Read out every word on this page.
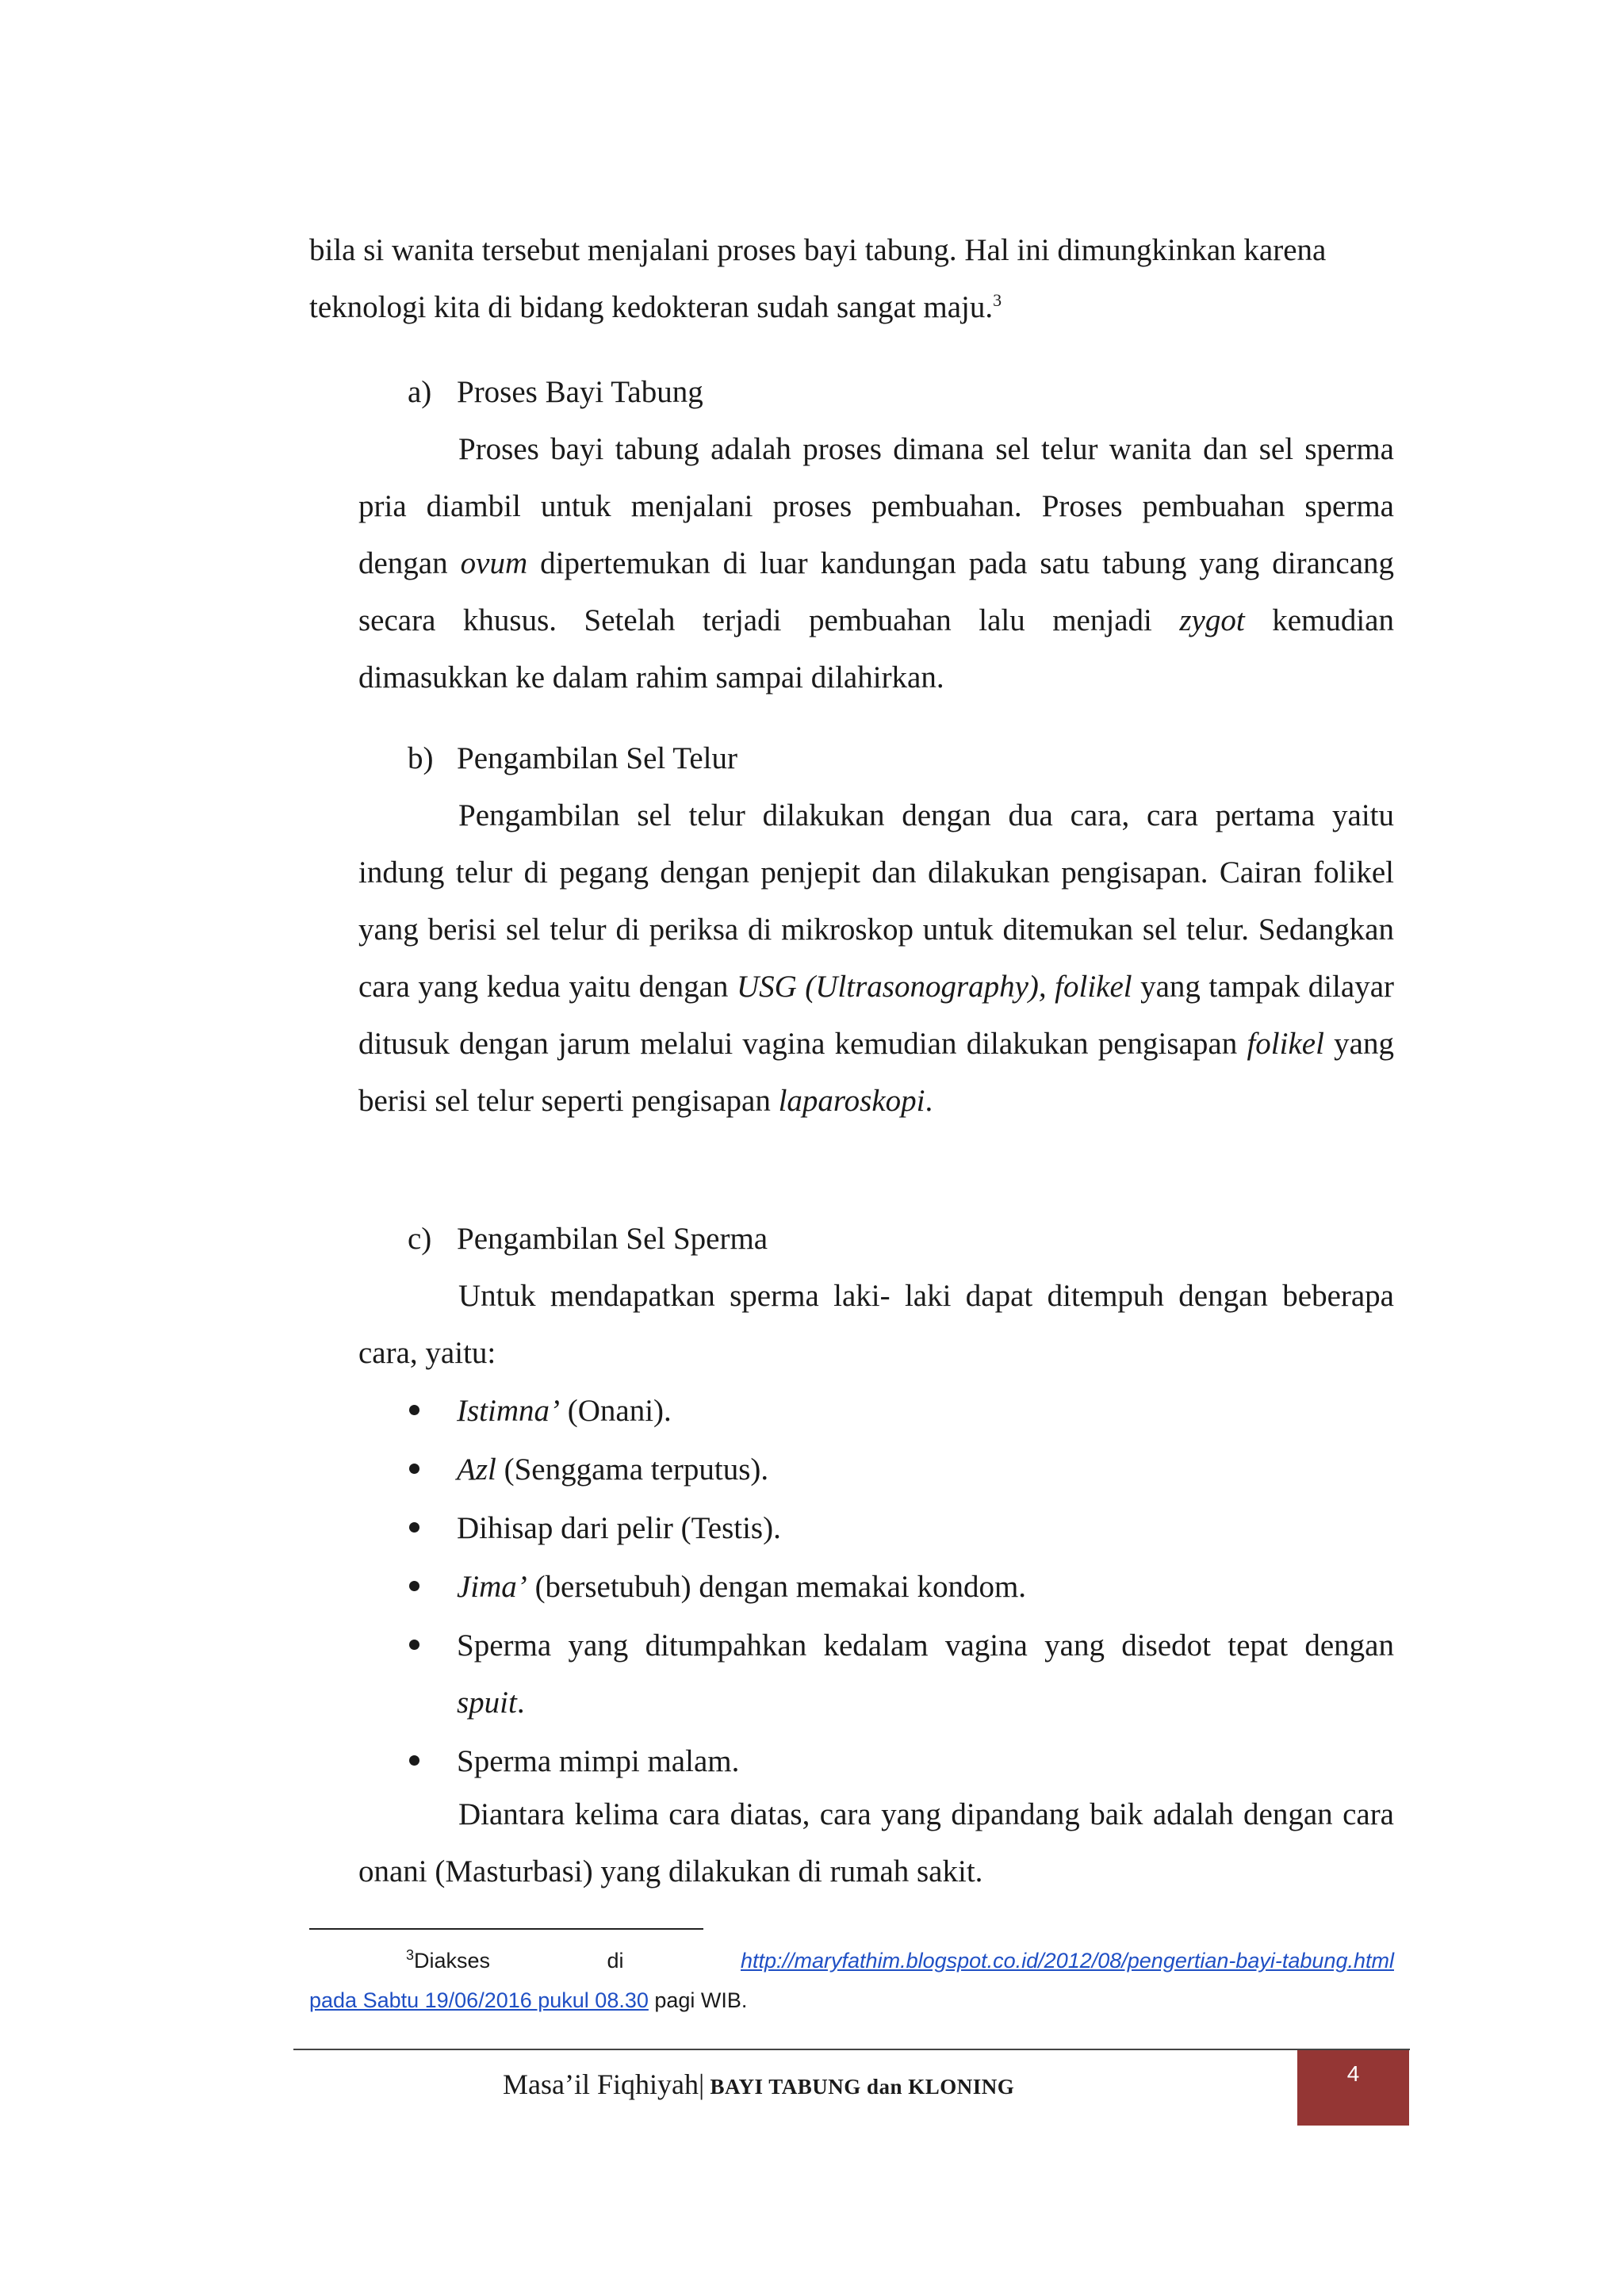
bila si wanita tersebut menjalani proses bayi tabung. Hal ini dimungkinkan karena
teknologi kita di bidang kedokteran sudah sangat maju.$^3$

a) Proses Bayi Tabung

Proses bayi tabung adalah proses dimana sel telur wanita dan sel sperma pria diambil untuk menjalani proses pembuahan. Proses pembuahan sperma dengan ovum dipertemukan di luar kandungan pada satu tabung yang dirancang secara khusus. Setelah terjadi pembuahan lalu menjadi zygot kemudian dimasukkan ke dalam rahim sampai dilahirkan.

b) Pengambilan Sel Telur

Pengambilan sel telur dilakukan dengan dua cara, cara pertama yaitu indung telur di pegang dengan penjepit dan dilakukan pengisapan. Cairan folikel yang berisi sel telur di periksa di mikroskop untuk ditemukan sel telur. Sedangkan cara yang kedua yaitu dengan USG (Ultrasonography), folikel yang tampak dilayar ditusuk dengan jarum melalui vagina kemudian dilakukan pengisapan folikel yang berisi sel telur seperti pengisapan laparoskopi.

c) Pengambilan Sel Sperma

Untuk mendapatkan sperma laki- laki dapat ditempuh dengan beberapa cara, yaitu:

Istimna’ (Onani).
Azl (Senggama terputus).
Dihisap dari pelir (Testis).
Jima’ (bersetubuh) dengan memakai kondom.
Sperma yang ditumpahkan kedalam vagina yang disedot tepat dengan spuit.
Sperma mimpi malam.

Diantara kelima cara diatas, cara yang dipandang baik adalah dengan cara onani (Masturbasi) yang dilakukan di rumah sakit.

$^3$Diakses	di	http://maryfathim.blogspot.co.id/2012/08/pengertian-bayi-tabung.html
pada Sabtu 19/06/2016 pukul 08.30 pagi WIB.
Masa’il Fiqhiyah| BAYI TABUNG dan KLONING
4
